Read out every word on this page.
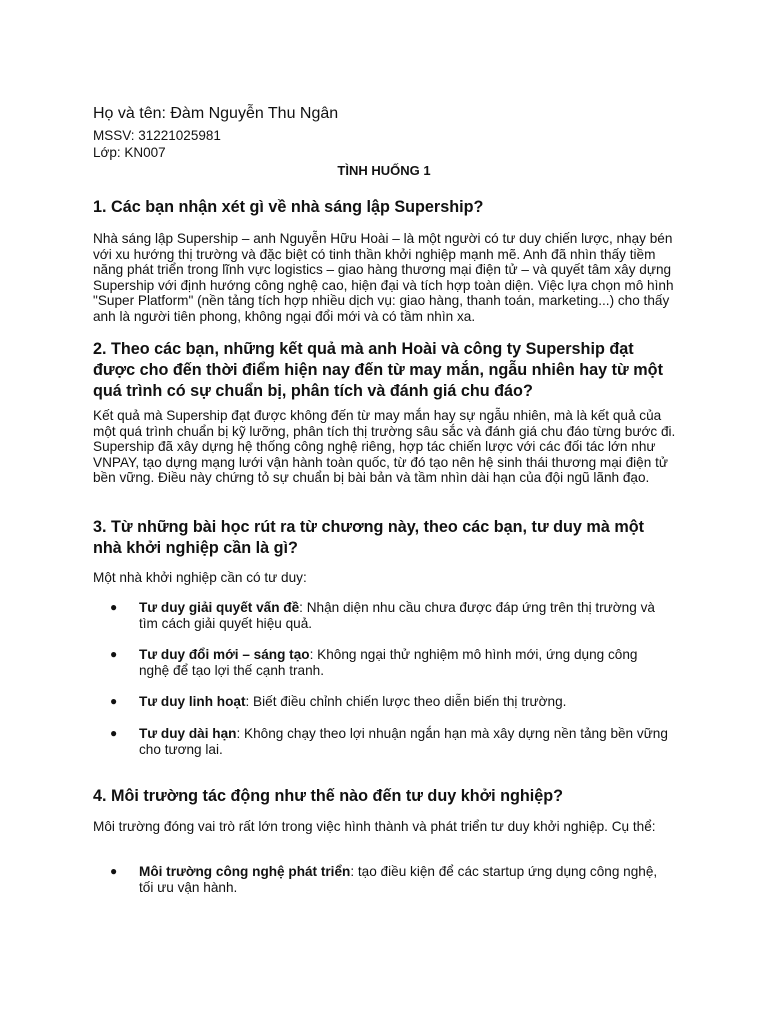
Họ và tên: Đàm Nguyễn Thu Ngân
MSSV: 31221025981
Lớp: KN007
TÌNH HUỐNG 1
1. Các bạn nhận xét gì về nhà sáng lập Supership?

Nhà sáng lập Supership – anh Nguyễn Hữu Hoài – là một người có tư duy chiến lược, nhạy bén với xu hướng thị trường và đặc biệt có tinh thần khởi nghiệp mạnh mẽ. Anh đã nhìn thấy tiềm năng phát triển trong lĩnh vực logistics – giao hàng thương mại điện tử – và quyết tâm xây dựng Supership với định hướng công nghệ cao, hiện đại và tích hợp toàn diện. Việc lựa chọn mô hình "Super Platform" (nền tảng tích hợp nhiều dịch vụ: giao hàng, thanh toán, marketing...) cho thấy anh là người tiên phong, không ngại đổi mới và có tầm nhìn xa.

2. Theo các bạn, những kết quả mà anh Hoài và công ty Supership đạt được cho đến thời điểm hiện nay đến từ may mắn, ngẫu nhiên hay từ một quá trình có sự chuẩn bị, phân tích và đánh giá chu đáo?

Kết quả mà Supership đạt được không đến từ may mắn hay sự ngẫu nhiên, mà là kết quả của một quá trình chuẩn bị kỹ lưỡng, phân tích thị trường sâu sắc và đánh giá chu đáo từng bước đi. Supership đã xây dựng hệ thống công nghệ riêng, hợp tác chiến lược với các đối tác lớn như VNPAY, tạo dựng mạng lưới vận hành toàn quốc, từ đó tạo nên hệ sinh thái thương mại điện tử bền vững. Điều này chứng tỏ sự chuẩn bị bài bản và tầm nhìn dài hạn của đội ngũ lãnh đạo.

3. Từ những bài học rút ra từ chương này, theo các bạn, tư duy mà một nhà khởi nghiệp cần là gì?

Một nhà khởi nghiệp cần có tư duy:

● Tư duy giải quyết vấn đề: Nhận diện nhu cầu chưa được đáp ứng trên thị trường và tìm cách giải quyết hiệu quả.
● Tư duy đổi mới – sáng tạo: Không ngại thử nghiệm mô hình mới, ứng dụng công nghệ để tạo lợi thế cạnh tranh.
● Tư duy linh hoạt: Biết điều chỉnh chiến lược theo diễn biến thị trường.
● Tư duy dài hạn: Không chạy theo lợi nhuận ngắn hạn mà xây dựng nền tảng bền vững cho tương lai.
4. Môi trường tác động như thế nào đến tư duy khởi nghiệp?

Môi trường đóng vai trò rất lớn trong việc hình thành và phát triển tư duy khởi nghiệp. Cụ thể:

● Môi trường công nghệ phát triển: tạo điều kiện để các startup ứng dụng công nghệ, tối ưu vận hành.
